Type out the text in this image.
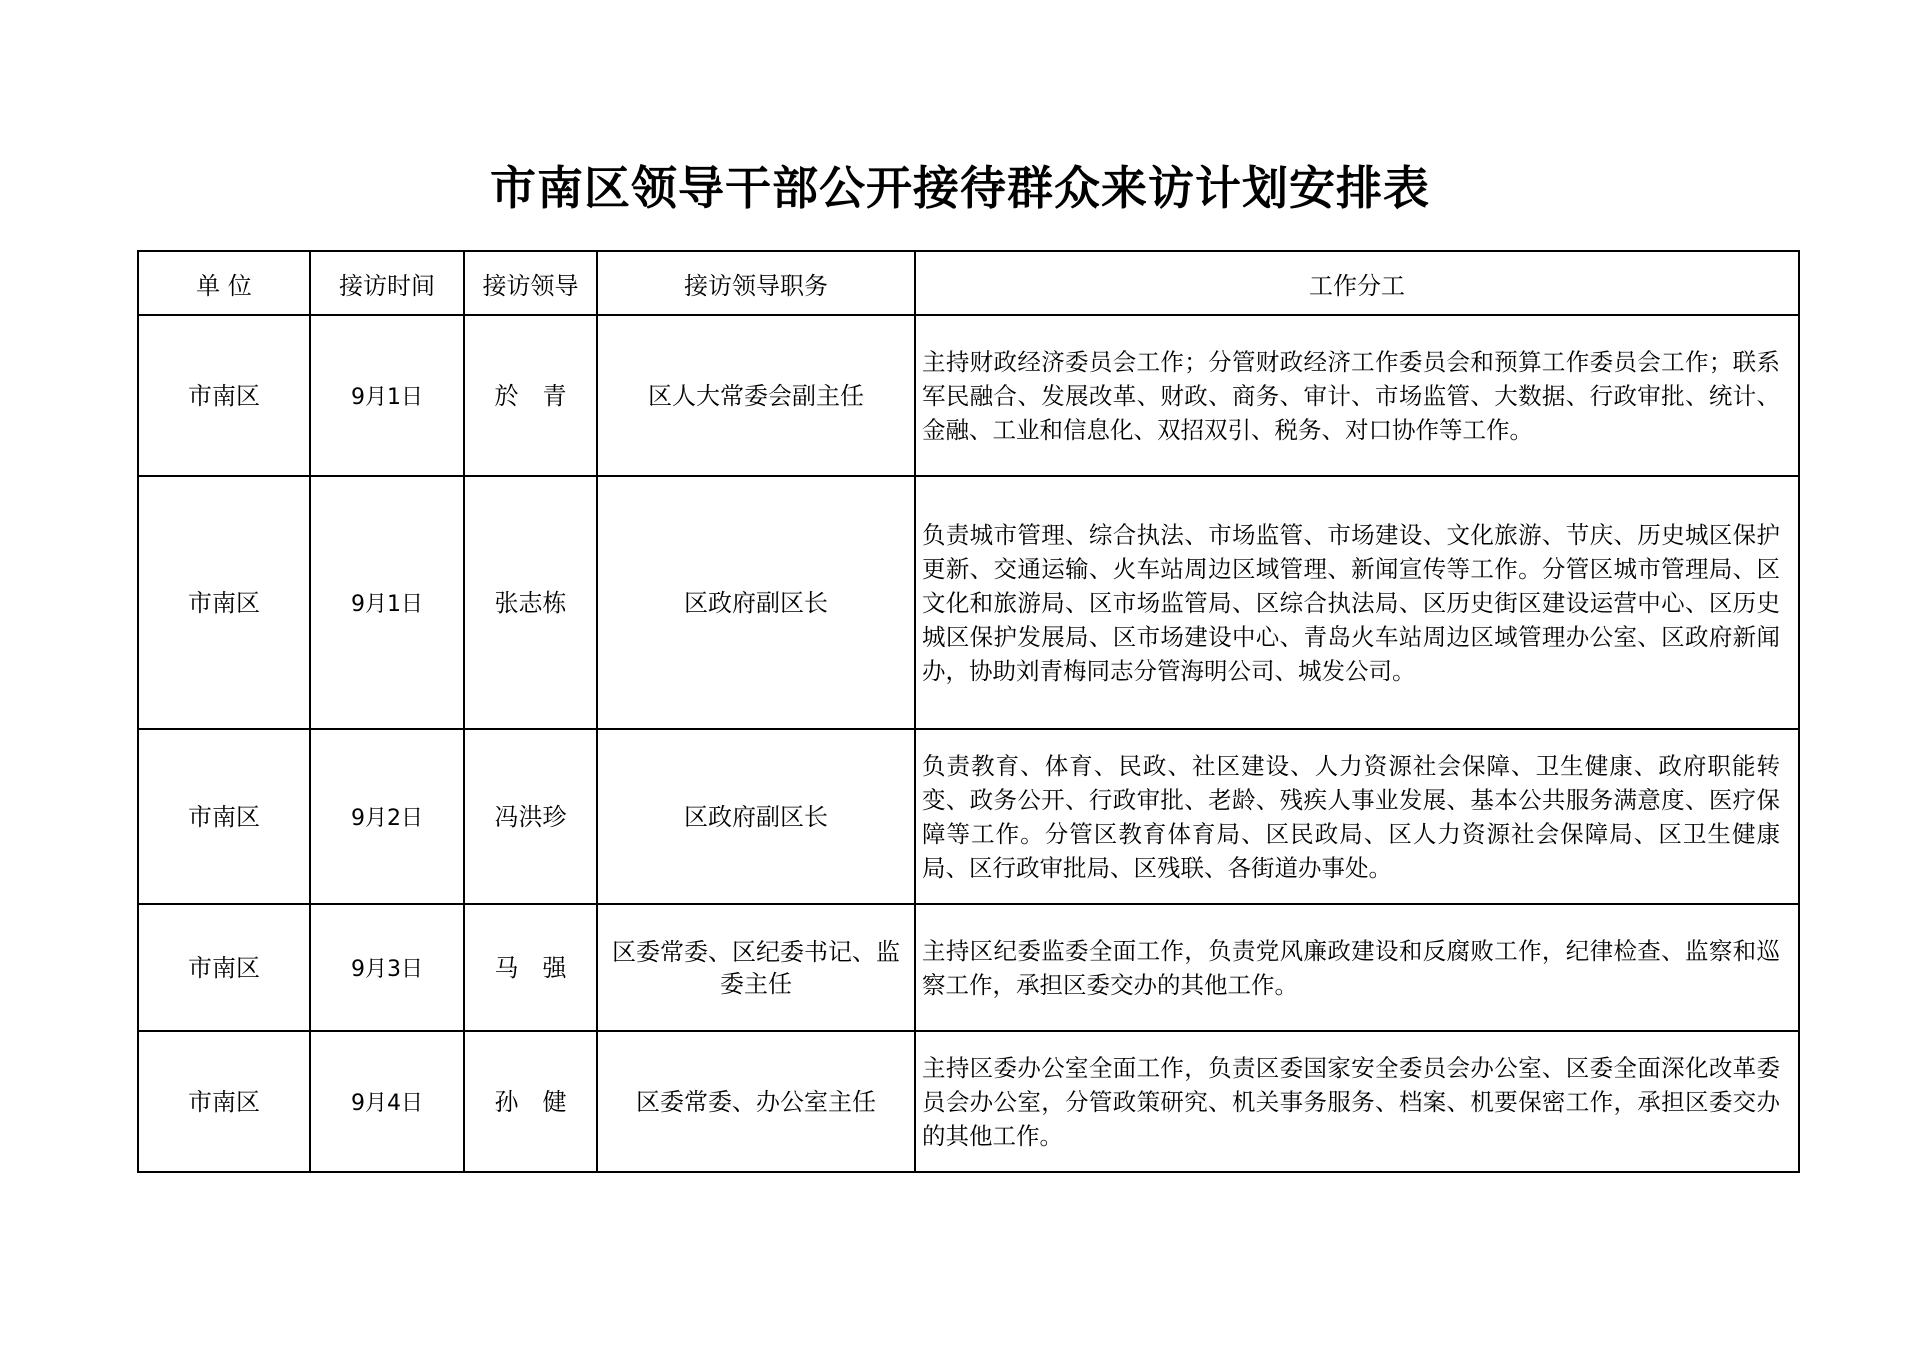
市南区领导干部公开接待群众来访计划安排表
单 位	接访时间	接访领导	接访领导职务	工作分工
市南区	9月1日	於　青	区人大常委会副主任	主持财政经济委员会工作；分管财政经济工作委员会和预算工作委员会工作；联系军民融合、发展改革、财政、商务、审计、市场监管、大数据、行政审批、统计、金融、工业和信息化、双招双引、税务、对口协作等工作。
市南区	9月1日	张志栋	区政府副区长	负责城市管理、综合执法、市场监管、市场建设、文化旅游、节庆、历史城区保护更新、交通运输、火车站周边区域管理、新闻宣传等工作。分管区城市管理局、区文化和旅游局、区市场监管局、区综合执法局、区历史街区建设运营中心、区历史城区保护发展局、区市场建设中心、青岛火车站周边区域管理办公室、区政府新闻办，协助刘青梅同志分管海明公司、城发公司。
市南区	9月2日	冯洪珍	区政府副区长	负责教育、体育、民政、社区建设、人力资源社会保障、卫生健康、政府职能转变、政务公开、行政审批、老龄、残疾人事业发展、基本公共服务满意度、医疗保障等工作。分管区教育体育局、区民政局、区人力资源社会保障局、区卫生健康局、区行政审批局、区残联、各街道办事处。
市南区	9月3日	马　强	区委常委、区纪委书记、监委主任	主持区纪委监委全面工作，负责党风廉政建设和反腐败工作，纪律检查、监察和巡察工作，承担区委交办的其他工作。
市南区	9月4日	孙　健	区委常委、办公室主任	主持区委办公室全面工作，负责区委国家安全委员会办公室、区委全面深化改革委员会办公室，分管政策研究、机关事务服务、档案、机要保密工作，承担区委交办的其他工作。
